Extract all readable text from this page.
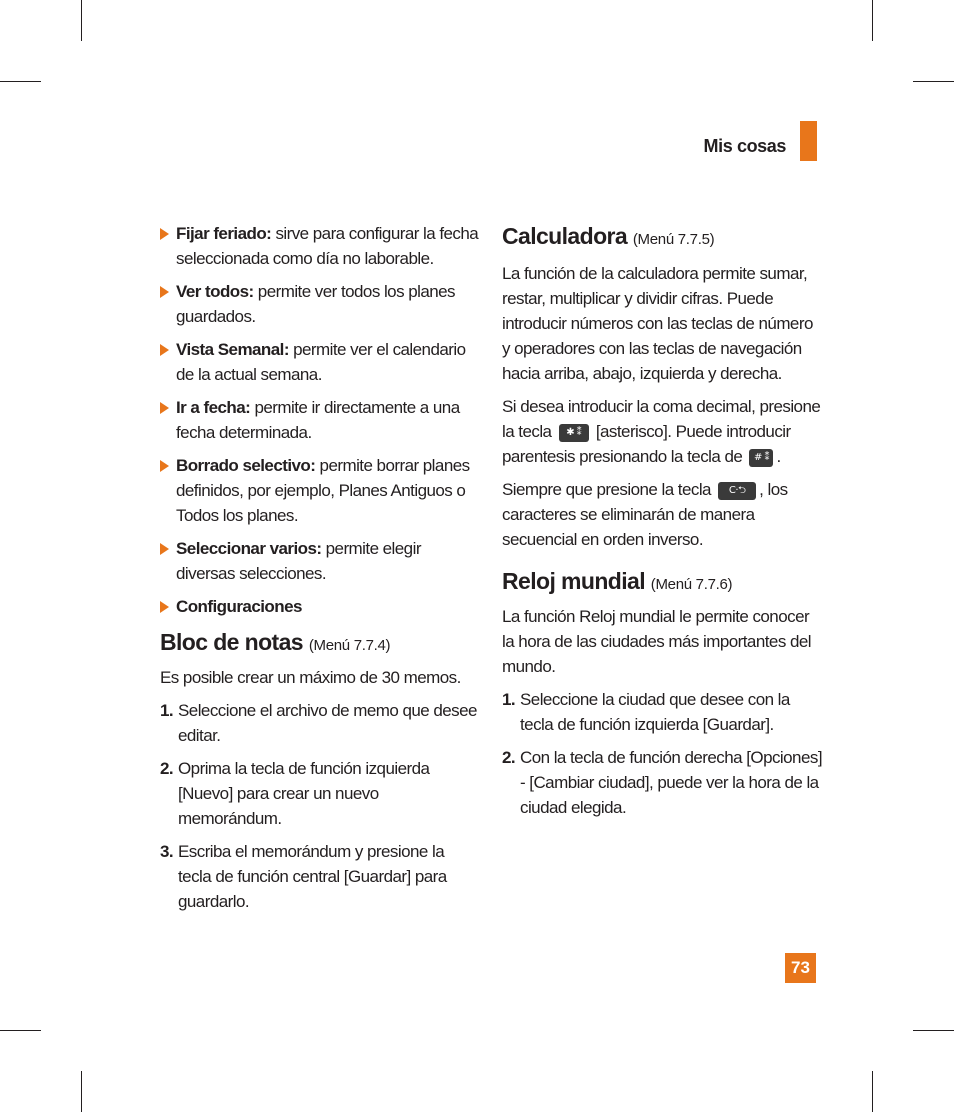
Mis cosas
Fijar feriado: sirve para configurar la fecha seleccionada como día no laborable.
Ver todos: permite ver todos los planes guardados.
Vista Semanal: permite ver el calendario de la actual semana.
Ir a fecha: permite ir directamente a una fecha determinada.
Borrado selectivo: permite borrar planes definidos, por ejemplo, Planes Antiguos o Todos los planes.
Seleccionar varios: permite elegir diversas selecciones.
Configuraciones
Bloc de notas (Menú 7.7.4)

Es posible crear un máximo de 30 memos.

1. Seleccione el archivo de memo que desee editar.
2. Oprima la tecla de función izquierda [Nuevo] para crear un nuevo memorándum.
3. Escriba el memorándum y presione la tecla de función central [Guardar] para guardarlo.
Calculadora (Menú 7.7.5)

La función de la calculadora permite sumar, restar, multiplicar y dividir cifras. Puede introducir números con las teclas de número y operadores con las teclas de navegación hacia arriba, abajo, izquierda y derecha.

Si desea introducir la coma decimal, presione la tecla ✱ ⁑ [asterisco]. Puede introducir parentesis presionando la tecla de # ⁑ .

Siempre que presione la tecla C·⮌ , los caracteres se eliminarán de manera secuencial en orden inverso.

Reloj mundial (Menú 7.7.6)

La función Reloj mundial le permite conocer la hora de las ciudades más importantes del mundo.

1. Seleccione la ciudad que desee con la tecla de función izquierda [Guardar].
2. Con la tecla de función derecha [Opciones] - [Cambiar ciudad], puede ver la hora de la ciudad elegida.
73
